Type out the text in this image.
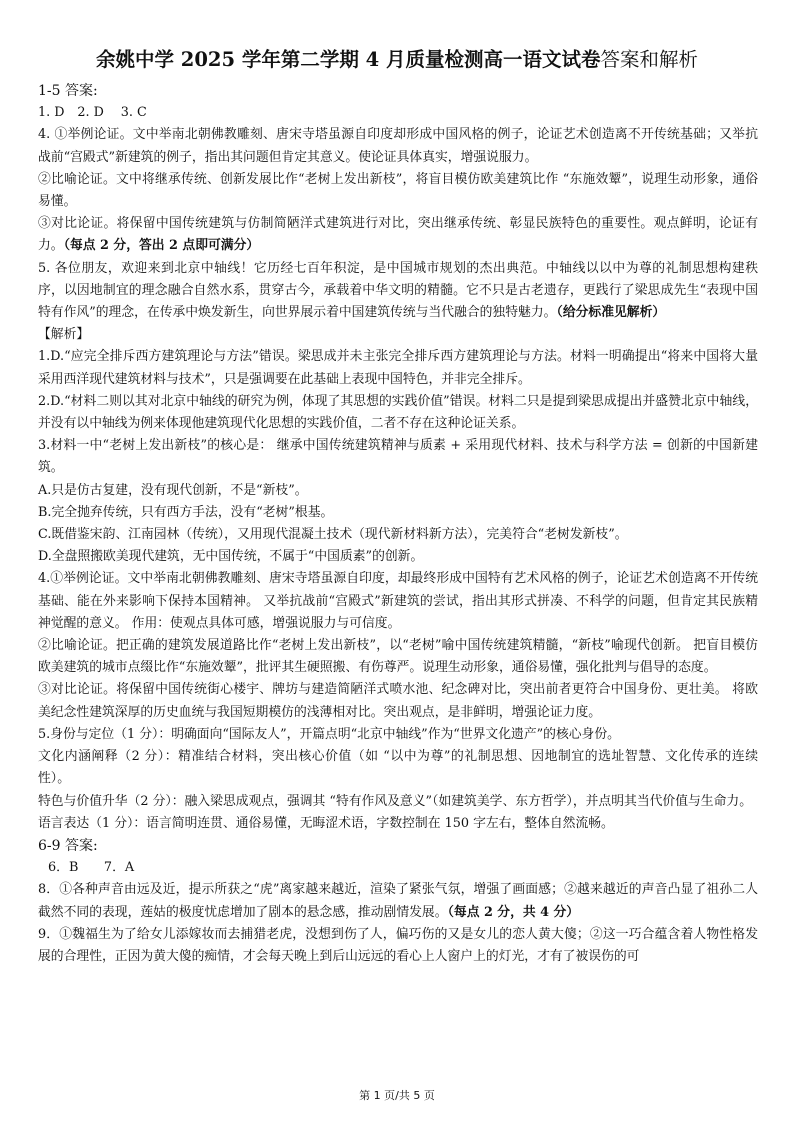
余姚中学 2025 学年第二学期 4 月质量检测高一语文试卷答案和解析

1-5 答案:

1. D　2. D　 3. C

4. ①举例论证。文中举南北朝佛教雕刻、唐宋寺塔虽源自印度却形成中国风格的例子，论证艺术创造离不开传统基础；又举抗战前“宫殿式”新建筑的例子，指出其问题但肯定其意义。使论证具体真实，增强说服力。

②比喻论证。文中将继承传统、创新发展比作“老树上发出新枝”，将盲目模仿欧美建筑比作 “东施效颦”，说理生动形象，通俗易懂。

③对比论证。将保留中国传统建筑与仿制简陋洋式建筑进行对比，突出继承传统、彰显民族特色的重要性。观点鲜明，论证有力。（每点 2 分，答出 2 点即可满分）

5. 各位朋友，欢迎来到北京中轴线！它历经七百年积淀，是中国城市规划的杰出典范。中轴线以以中为尊的礼制思想构建秩序，以因地制宜的理念融合自然水系，贯穿古今，承载着中华文明的精髓。它不只是古老遗存，更践行了梁思成先生“表现中国特有作风”的理念，在传承中焕发新生，向世界展示着中国建筑传统与当代融合的独特魅力。（给分标准见解析）

【解析】

1.D.“应完全排斥西方建筑理论与方法”错误。梁思成并未主张完全排斥西方建筑理论与方法。材料一明确提出“将来中国将大量采用西洋现代建筑材料与技术”，只是强调要在此基础上表现中国特色，并非完全排斥。

2.D.“材料二则以其对北京中轴线的研究为例，体现了其思想的实践价值”错误。材料二只是提到梁思成提出并盛赞北京中轴线，并没有以中轴线为例来体现他建筑现代化思想的实践价值，二者不存在这种论证关系。

3.材料一中“老树上发出新枝”的核心是： 继承中国传统建筑精神与质素 + 采用现代材料、技术与科学方法 = 创新的中国新建筑。

A.只是仿古复建，没有现代创新，不是“新枝”。

B.完全抛弃传统，只有西方手法，没有“老树”根基。

C.既借鉴宋韵、江南园林（传统），又用现代混凝土技术（现代新材料新方法），完美符合“老树发新枝”。

D.全盘照搬欧美现代建筑，无中国传统，不属于“中国质素”的创新。

4.①举例论证。文中举南北朝佛教雕刻、唐宋寺塔虽源自印度，却最终形成中国特有艺术风格的例子，论证艺术创造离不开传统基础、能在外来影响下保持本国精神。 又举抗战前“宫殿式”新建筑的尝试，指出其形式拼凑、不科学的问题，但肯定其民族精神觉醒的意义。 作用：使观点具体可感，增强说服力与可信度。

②比喻论证。把正确的建筑发展道路比作“老树上发出新枝”，以“老树”喻中国传统建筑精髓，“新枝”喻现代创新。 把盲目模仿欧美建筑的城市点缀比作“东施效颦”，批评其生硬照搬、有伤尊严。说理生动形象，通俗易懂，强化批判与倡导的态度。

③对比论证。将保留中国传统街心楼宇、牌坊与建造简陋洋式喷水池、纪念碑对比，突出前者更符合中国身份、更壮美。 将欧美纪念性建筑深厚的历史血统与我国短期模仿的浅薄相对比。突出观点，是非鲜明，增强论证力度。

5.身份与定位（1 分）：明确面向“国际友人”，开篇点明“北京中轴线”作为“世界文化遗产”的核心身份。

文化内涵阐释（2 分）：精准结合材料，突出核心价值（如 “以中为尊”的礼制思想、因地制宜的选址智慧、文化传承的连续性）。

特色与价值升华（2 分）：融入梁思成观点，强调其 “特有作风及意义”（如建筑美学、东方哲学），并点明其当代价值与生命力。

语言表达（1 分）：语言简明连贯、通俗易懂，无晦涩术语，字数控制在 150 字左右，整体自然流畅。

6-9 答案:

6．B　　7．A

8．①各种声音由远及近，提示所获之“虎”离家越来越近，渲染了紧张气氛，增强了画面感；②越来越近的声音凸显了祖孙二人截然不同的表现，莲姑的极度忧虑增加了剧本的悬念感，推动剧情发展。（每点 2 分，共 4 分）

9．①魏福生为了给女儿添嫁妆而去捕猎老虎，没想到伤了人，偏巧伤的又是女儿的恋人黄大傻；②这一巧合蕴含着人物性格发展的合理性，正因为黄大傻的痴情，才会每天晚上到后山远远的看心上人窗户上的灯光，才有了被误伤的可

第 1 页/共 5 页
